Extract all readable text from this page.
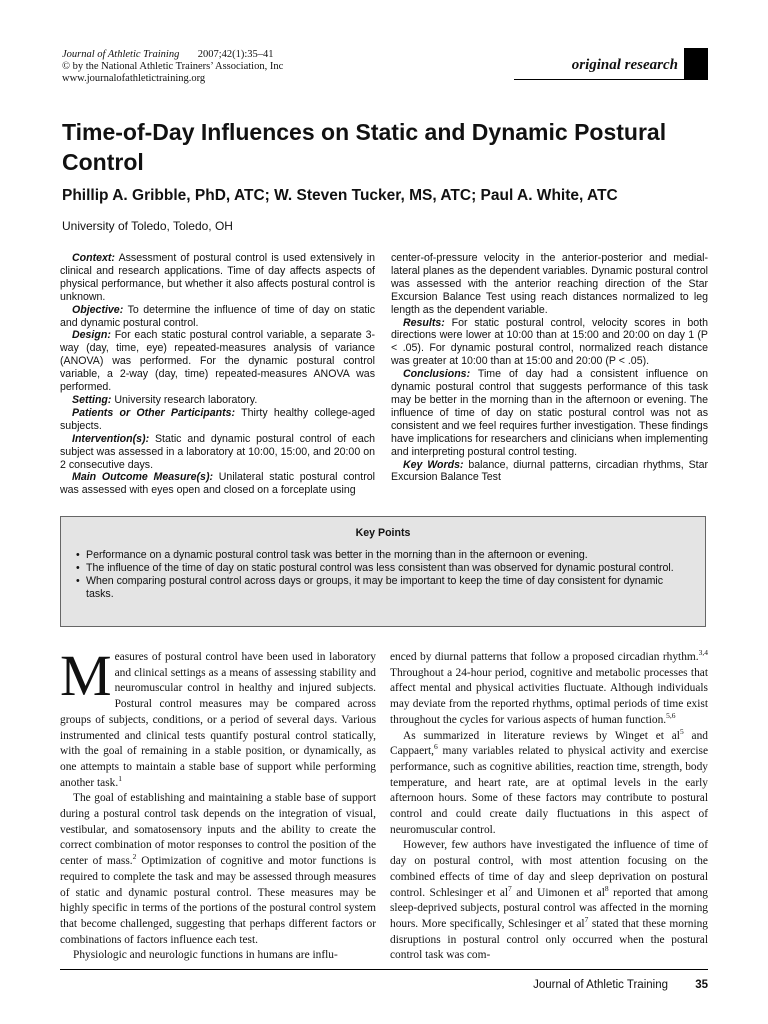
Journal of Athletic Training 2007;42(1):35–41
© by the National Athletic Trainers’ Association, Inc
www.journalofathletictraining.org
original research
Time-of-Day Influences on Static and Dynamic Postural Control
Phillip A. Gribble, PhD, ATC; W. Steven Tucker, MS, ATC; Paul A. White, ATC

University of Toledo, Toledo, OH

Context: Assessment of postural control is used extensively in clinical and research applications. Time of day affects aspects of physical performance, but whether it also affects postural control is unknown.

Objective: To determine the influence of time of day on static and dynamic postural control.

Design: For each static postural control variable, a separate 3-way (day, time, eye) repeated-measures analysis of variance (ANOVA) was performed. For the dynamic postural control variable, a 2-way (day, time) repeated-measures ANOVA was performed.

Setting: University research laboratory.

Patients or Other Participants: Thirty healthy college-aged subjects.

Intervention(s): Static and dynamic postural control of each subject was assessed in a laboratory at 10:00, 15:00, and 20:00 on 2 consecutive days.

Main Outcome Measure(s): Unilateral static postural control was assessed with eyes open and closed on a forceplate using

center-of-pressure velocity in the anterior-posterior and medial-lateral planes as the dependent variables. Dynamic postural control was assessed with the anterior reaching direction of the Star Excursion Balance Test using reach distances normalized to leg length as the dependent variable.

Results: For static postural control, velocity scores in both directions were lower at 10:00 than at 15:00 and 20:00 on day 1 (P < .05). For dynamic postural control, normalized reach distance was greater at 10:00 than at 15:00 and 20:00 (P < .05).

Conclusions: Time of day had a consistent influence on dynamic postural control that suggests performance of this task may be better in the morning than in the afternoon or evening. The influence of time of day on static postural control was not as consistent and we feel requires further investigation. These findings have implications for researchers and clinicians when implementing and interpreting postural control testing.

Key Words: balance, diurnal patterns, circadian rhythms, Star Excursion Balance Test

Key Points
• Performance on a dynamic postural control task was better in the morning than in the afternoon or evening.
• The influence of the time of day on static postural control was less consistent than was observed for dynamic postural control.
• When comparing postural control across days or groups, it may be important to keep the time of day consistent for dynamic tasks.

Measures of postural control have been used in laboratory and clinical settings as a means of assessing stability and neuromuscular control in healthy and injured subjects. Postural control measures may be compared across groups of subjects, conditions, or a period of several days. Various instrumented and clinical tests quantify postural control statically, with the goal of remaining in a stable position, or dynamically, as one attempts to maintain a stable base of support while performing another task.$^1$

The goal of establishing and maintaining a stable base of support during a postural control task depends on the integration of visual, vestibular, and somatosensory inputs and the ability to create the correct combination of motor responses to control the position of the center of mass.$^2$ Optimization of cognitive and motor functions is required to complete the task and may be assessed through measures of static and dynamic postural control. These measures may be highly specific in terms of the portions of the postural control system that become challenged, suggesting that perhaps different factors or combinations of factors influence each test.

Physiologic and neurologic functions in humans are influ-

enced by diurnal patterns that follow a proposed circadian rhythm.$^{3,4}$ Throughout a 24-hour period, cognitive and metabolic processes that affect mental and physical activities fluctuate. Although individuals may deviate from the reported rhythms, optimal periods of time exist throughout the cycles for various aspects of human function.$^{5,6}$

As summarized in literature reviews by Winget et $al^5$ and Cappaert,$^6$ many variables related to physical activity and exercise performance, such as cognitive abilities, reaction time, strength, body temperature, and heart rate, are at optimal levels in the early afternoon hours. Some of these factors may contribute to postural control and could create daily fluctuations in this aspect of neuromuscular control.

However, few authors have investigated the influence of time of day on postural control, with most attention focusing on the combined effects of time of day and sleep deprivation on postural control. Schlesinger et $al^7$ and Uimonen et $al^8$ reported that among sleep-deprived subjects, postural control was affected in the morning hours. More specifically, Schlesinger et $al^7$ stated that these morning disruptions in postural control only occurred when the postural control task was com-

Journal of Athletic Training 35
